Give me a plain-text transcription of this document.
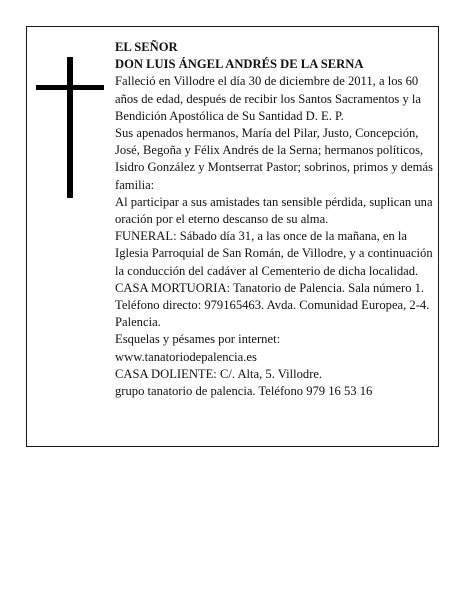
EL SEÑOR

DON LUIS ÁNGEL ANDRÉS DE LA SERNA

Falleció en Villodre el día 30 de diciembre de 2011, a los 60 años de edad, después de recibir los Santos Sacramentos y la Bendición Apostólica de Su Santidad D. E. P.

Sus apenados hermanos, María del Pilar, Justo, Concepción, José, Begoña y Félix Andrés de la Serna; hermanos políticos, Isidro González y Montserrat Pastor; sobrinos, primos y demás familia:

Al participar a sus amistades tan sensible pérdida, suplican una oración por el eterno descanso de su alma.

FUNERAL: Sábado día 31, a las once de la mañana, en la Iglesia Parroquial de San Román, de Villodre, y a continuación la conducción del cadáver al Cementerio de dicha localidad.

CASA MORTUORIA: Tanatorio de Palencia. Sala número 1. Teléfono directo: 979165463. Avda. Comunidad Europea, 2-4. Palencia.

Esquelas y pésames por internet:

www.tanatoriodepalencia.es

CASA DOLIENTE: C/. Alta, 5. Villodre.

grupo tanatorio de palencia. Teléfono 979 16 53 16
